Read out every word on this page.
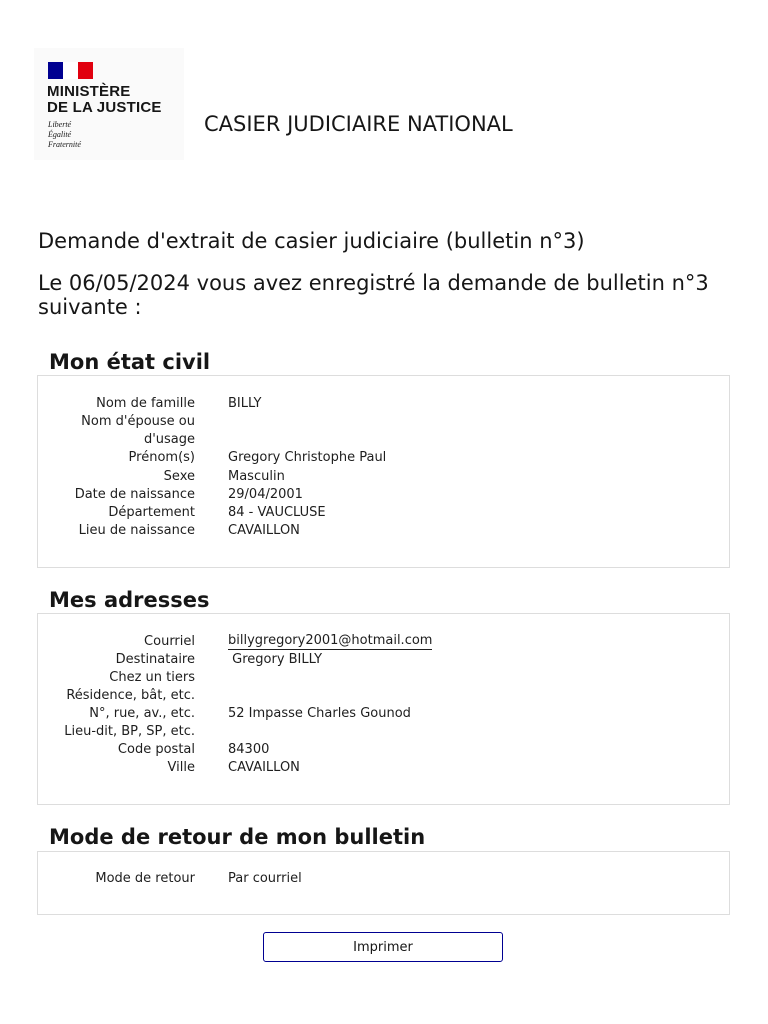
MINISTÈRE
DE LA JUSTICE

Liberté
Égalité
Fraternité

CASIER JUDICIAIRE NATIONAL
Demande d'extrait de casier judiciaire (bulletin n°3)

Le 06/05/2024 vous avez enregistré la demande de bulletin n°3 suivante :

Mon état civil
Nom de famille	BILLY
Nom d'épouse ou
d'usage
Prénom(s)	Gregory Christophe Paul
Sexe	Masculin
Date de naissance	29/04/2001
Département	84 - VAUCLUSE
Lieu de naissance	CAVAILLON
Mes adresses
Courriel	billygregory2001@hotmail.com
Destinataire	Gregory BILLY
Chez un tiers
Résidence, bât, etc.
N°, rue, av., etc.	52 Impasse Charles Gounod
Lieu-dit, BP, SP, etc.
Code postal	84300
Ville	CAVAILLON
Mode de retour de mon bulletin
Mode de retour	Par courriel
Imprimer
